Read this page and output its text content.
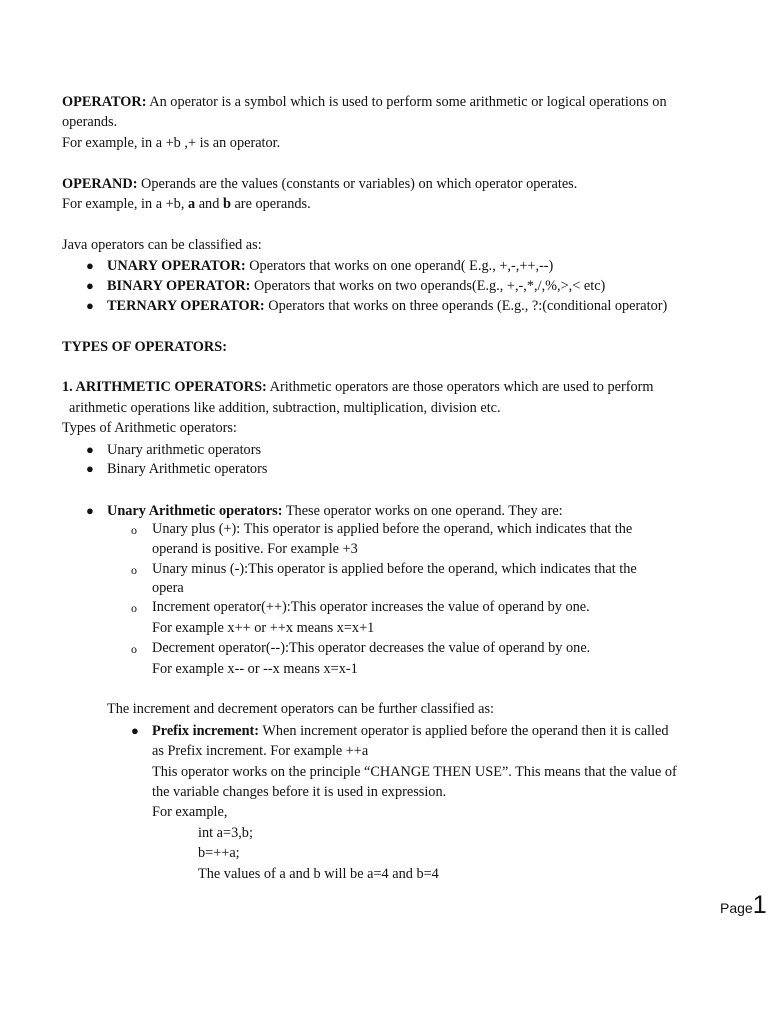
OPERATOR: An operator is a symbol which is used to perform some arithmetic or logical operations on
operands.
For example, in a +b ,+ is an operator.
OPERAND: Operands are the values (constants or variables) on which operator operates.
For example, in a +b, a and b are operands.
Java operators can be classified as:
● UNARY OPERATOR: Operators that works on one operand( E.g., +,-,++,--)
● BINARY OPERATOR: Operators that works on two operands(E.g., +,-,*,/,%,>,< etc)
● TERNARY OPERATOR: Operators that works on three operands (E.g., ?:(conditional operator)
TYPES OF OPERATORS:
1. ARITHMETIC OPERATORS: Arithmetic operators are those operators which are used to perform
arithmetic operations like addition, subtraction, multiplication, division etc.
Types of Arithmetic operators:
● Unary arithmetic operators
● Binary Arithmetic operators
● Unary Arithmetic operators: These operator works on one operand. They are:
o Unary plus (+): This operator is applied before the operand, which indicates that the
operand is positive. For example +3
o Unary minus (-):This operator is applied before the operand, which indicates that the
opera
o Increment operator(++):This operator increases the value of operand by one.
For example x++ or ++x means x=x+1
o Decrement operator(--):This operator decreases the value of operand by one.
For example x-- or --x means x=x-1
The increment and decrement operators can be further classified as:
● Prefix increment: When increment operator is applied before the operand then it is called
as Prefix increment. For example ++a
This operator works on the principle “CHANGE THEN USE”. This means that the value of
the variable changes before it is used in expression.
For example,
int a=3,b;
b=++a;
The values of a and b will be a=4 and b=4
Page1
